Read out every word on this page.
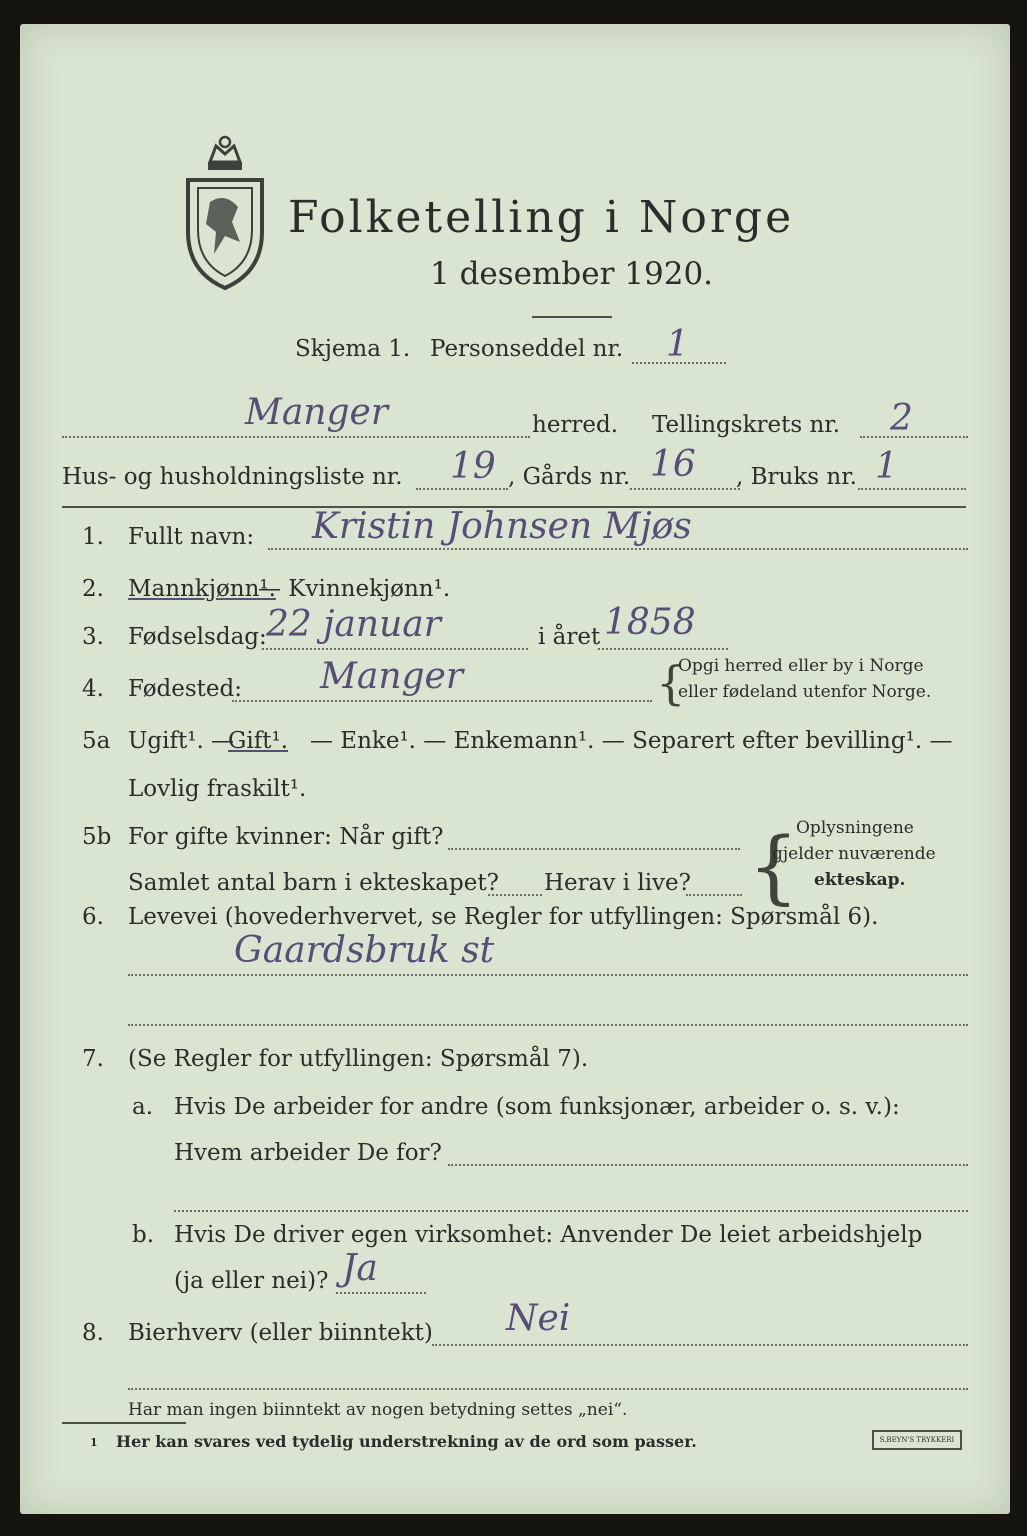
Folketelling i Norge
1 desember 1920.
Skjema 1. Personseddel nr. 1
Manger	herred. Tellingskrets nr. 2
Hus- og husholdningsliste nr. 19 , Gårds nr. 16 , Bruks nr. 1
1. Fullt navn: Kristin Johnsen Mjøs
2. Mannkjønn¹.
— Kvinnekjønn¹.
3. Fødselsdag: 22 januar	i året 1858
4. Fødested: Manger	{
Opgi herred eller by i Norge
eller fødeland utenfor Norge.
5a Ugift¹. —
Gift¹. — Enke¹. — Enkemann¹. — Separert efter bevilling¹. —
Lovlig fraskilt¹.
5b For gifte kvinner: Når gift?
Samlet antal barn i ekteskapet? Herav i live? {
Oplysningene
gjelder nuværende
ekteskap.
6. Levevei (hovederhvervet, se Regler for utfyllingen: Spørsmål 6).
Gaardsbruk st
7. (Se Regler for utfyllingen: Spørsmål 7).
a. Hvis De arbeider for andre (som funksjonær, arbeider o. s. v.):
Hvem arbeider De for?
b. Hvis De driver egen virksomhet: Anvender De leiet arbeidshjelp
(ja eller nei)? Ja
8. Bierhverv (eller biinntekt) Nei
Har man ingen biinntekt av nogen betydning settes „nei“.
1 Her kan svares ved tydelig understrekning av de ord som passer.	S.BEYN'S TRYKKERI
